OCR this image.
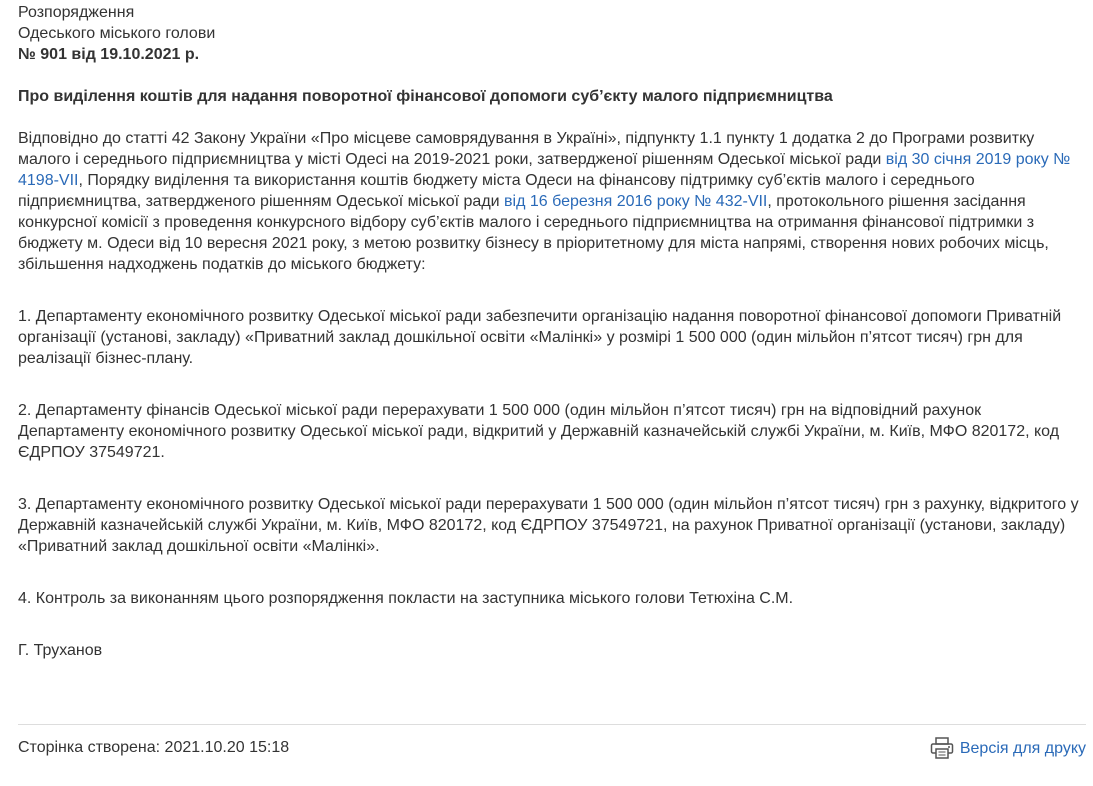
Розпорядження
Одеського міського голови
№ 901 від 19.10.2021 р.

Про виділення коштів для надання поворотної фінансової допомоги суб’єкту малого підприємництва

Відповідно до статті 42 Закону України «Про місцеве самоврядування в Україні», підпункту 1.1 пункту 1 додатка 2 до Програми розвитку малого і середнього підприємництва у місті Одесі на 2019-2021 роки, затвердженої рішенням Одеської міської ради від 30 січня 2019 року № 4198-VІІ, Порядку виділення та використання коштів бюджету міста Одеси на фінансову підтримку суб’єктів малого і середнього підприємництва, затвердженого рішенням Одеської міської ради від 16 березня 2016 року № 432-VІІ, протокольного рішення засідання конкурсної комісії з проведення конкурсного відбору суб’єктів малого і середнього підприємництва на отримання фінансової підтримки з бюджету м. Одеси від 10 вересня 2021 року, з метою розвитку бізнесу в пріоритетному для міста напрямі, створення нових робочих місць, збільшення надходжень податків до міського бюджету:

1. Департаменту економічного розвитку Одеської міської ради забезпечити організацію надання поворотної фінансової допомоги Приватній організації (установі, закладу) «Приватний заклад дошкільної освіти «Малінкі» у розмірі 1 500 000 (один мільйон п’ятсот тисяч) грн для реалізації бізнес-плану.

2. Департаменту фінансів Одеської міської ради перерахувати 1 500 000 (один мільйон п’ятсот тисяч) грн на відповідний рахунок Департаменту економічного розвитку Одеської міської ради, відкритий у Державній казначейській службі України, м. Київ, МФО 820172, код ЄДРПОУ 37549721.

3. Департаменту економічного розвитку Одеської міської ради перерахувати 1 500 000 (один мільйон п’ятсот тисяч) грн з рахунку, відкритого у Державній казначейській службі України, м. Київ, МФО 820172, код ЄДРПОУ 37549721, на рахунок Приватної організації (установи, закладу) «Приватний заклад дошкільної освіти «Малінкі».

4. Контроль за виконанням цього розпорядження покласти на заступника міського голови Тетюхіна С.М.

Г. Труханов

Сторінка створена: 2021.10.20 15:18	Версія для друку
